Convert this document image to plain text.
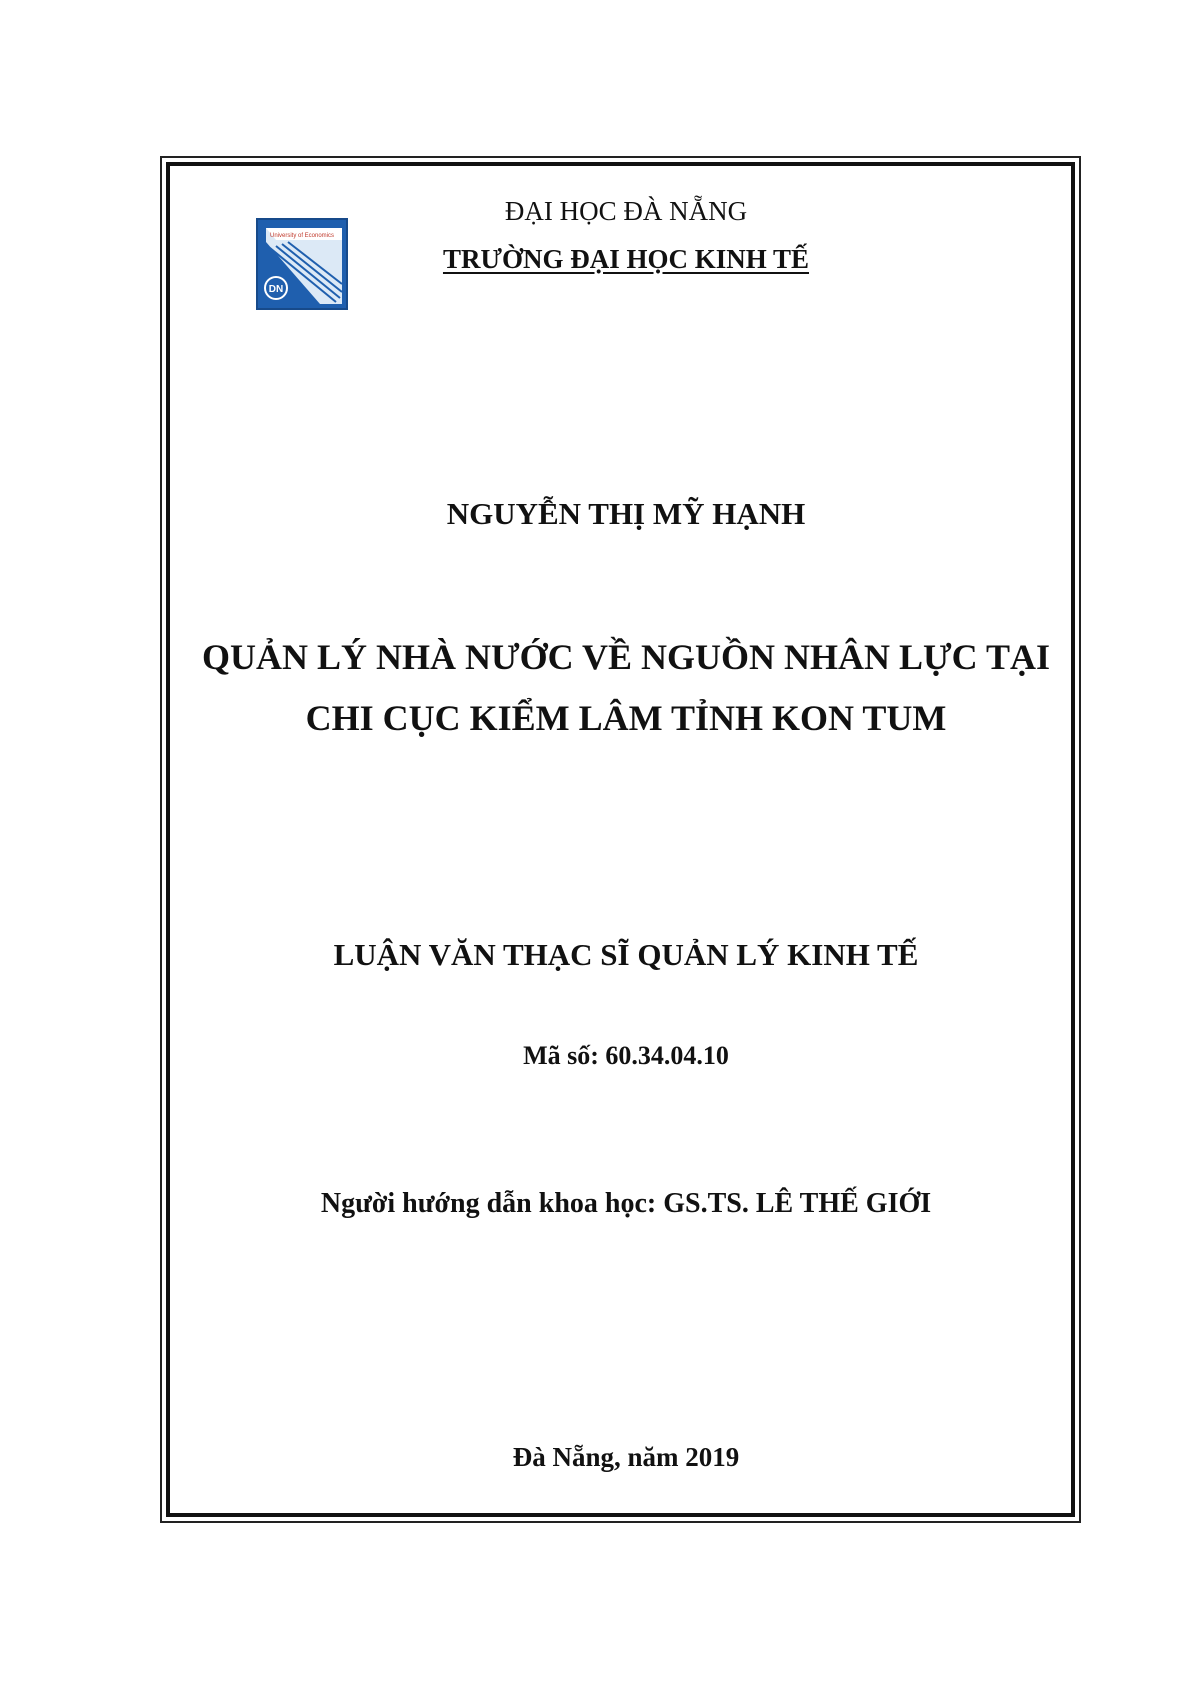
DN
University of Economics
ĐẠI HỌC ĐÀ NẴNG
TRƯỜNG ĐẠI HỌC KINH TẾ
NGUYỄN THỊ MỸ HẠNH
QUẢN LÝ NHÀ NƯỚC VỀ NGUỒN NHÂN LỰC TẠI
CHI CỤC KIỂM LÂM TỈNH KON TUM
LUẬN VĂN THẠC SĨ QUẢN LÝ KINH TẾ
Mã số: 60.34.04.10
Người hướng dẫn khoa học: GS.TS. LÊ THẾ GIỚI
Đà Nẵng, năm 2019
